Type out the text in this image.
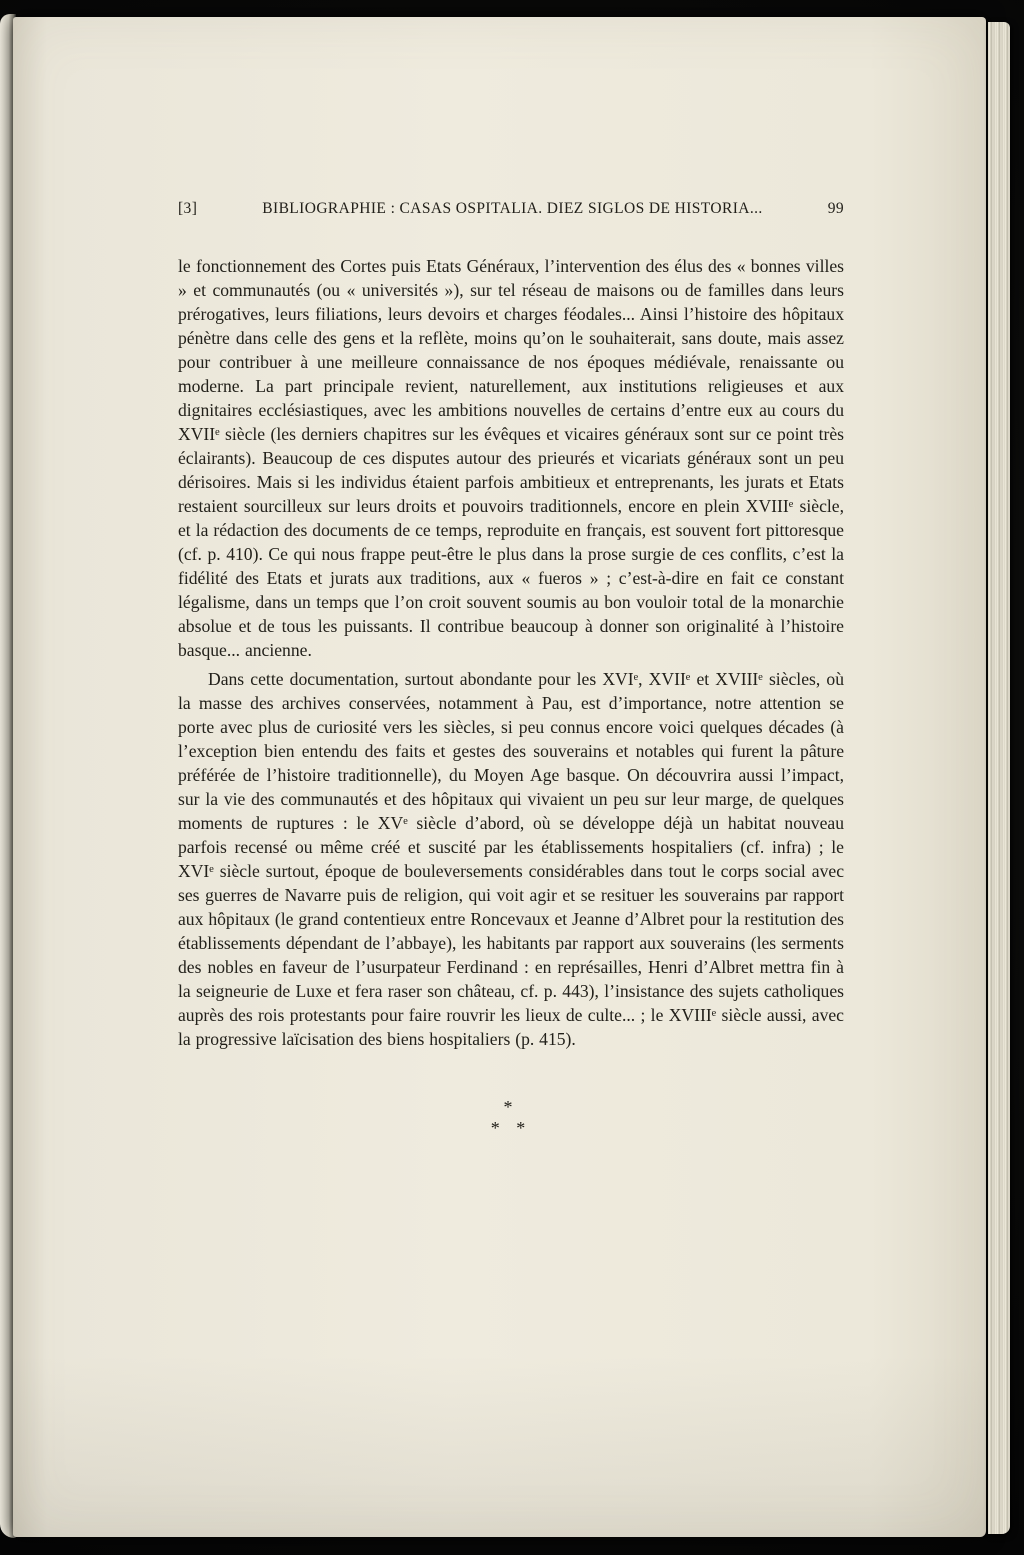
[3]	BIBLIOGRAPHIE : CASAS OSPITALIA. DIEZ SIGLOS DE HISTORIA...	99

le fonctionnement des Cortes puis Etats Généraux, l’intervention des élus des « bonnes villes » et communautés (ou « universités »), sur tel réseau de maisons ou de familles dans leurs prérogatives, leurs filiations, leurs devoirs et charges féodales... Ainsi l’histoire des hôpitaux pénètre dans celle des gens et la reflète, moins qu’on le souhaiterait, sans doute, mais assez pour contribuer à une meilleure connaissance de nos époques médiévale, renaissante ou moderne. La part principale revient, naturellement, aux institutions religieuses et aux dignitaires ecclésiastiques, avec les ambitions nouvelles de certains d’entre eux au cours du XVIIᵉ siècle (les derniers chapitres sur les évêques et vicaires généraux sont sur ce point très éclairants). Beaucoup de ces disputes autour des prieurés et vicariats généraux sont un peu dérisoires. Mais si les individus étaient parfois ambitieux et entreprenants, les jurats et Etats restaient sourcilleux sur leurs droits et pouvoirs traditionnels, encore en plein XVIIIᵉ siècle, et la rédaction des documents de ce temps, reproduite en français, est souvent fort pittoresque (cf. p. 410). Ce qui nous frappe peut-être le plus dans la prose surgie de ces conflits, c’est la fidélité des Etats et jurats aux traditions, aux « fueros » ; c’est-à-dire en fait ce constant légalisme, dans un temps que l’on croit souvent soumis au bon vouloir total de la monarchie absolue et de tous les puissants. Il contribue beaucoup à donner son originalité à l’histoire basque... ancienne.

Dans cette documentation, surtout abondante pour les XVIᵉ, XVIIᵉ et XVIIIᵉ siècles, où la masse des archives conservées, notamment à Pau, est d’importance, notre attention se porte avec plus de curiosité vers les siècles, si peu connus encore voici quelques décades (à l’exception bien entendu des faits et gestes des souverains et notables qui furent la pâture préférée de l’histoire traditionnelle), du Moyen Age basque. On découvrira aussi l’impact, sur la vie des communautés et des hôpitaux qui vivaient un peu sur leur marge, de quelques moments de ruptures : le XVᵉ siècle d’abord, où se développe déjà un habitat nouveau parfois recensé ou même créé et suscité par les établissements hospitaliers (cf. infra) ; le XVIᵉ siècle surtout, époque de bouleversements considérables dans tout le corps social avec ses guerres de Navarre puis de religion, qui voit agir et se resituer les souverains par rapport aux hôpitaux (le grand contentieux entre Roncevaux et Jeanne d’Albret pour la restitution des établissements dépendant de l’abbaye), les habitants par rapport aux souverains (les serments des nobles en faveur de l’usurpateur Ferdinand : en représailles, Henri d’Albret mettra fin à la seigneurie de Luxe et fera raser son château, cf. p. 443), l’insistance des sujets catholiques auprès des rois protestants pour faire rouvrir les lieux de culte... ; le XVIIIᵉ siècle aussi, avec la progressive laïcisation des biens hospitaliers (p. 415).

*
* *
